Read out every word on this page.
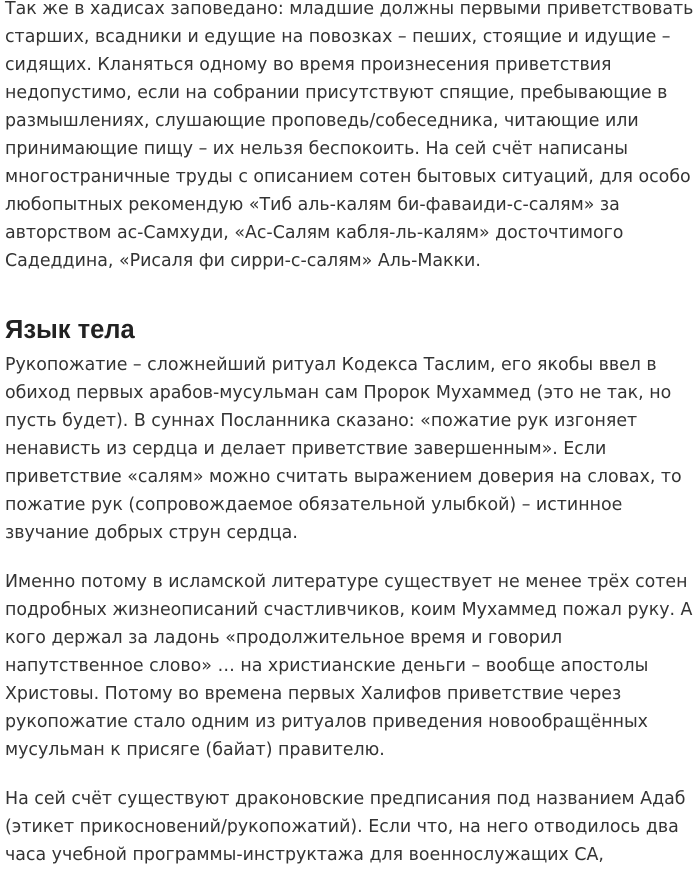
Так же в хадисах заповедано: младшие должны первыми приветствовать
старших, всадники и едущие на повозках – пеших, стоящие и идущие –
сидящих. Кланяться одному во время произнесения приветствия
недопустимо, если на собрании присутствуют спящие, пребывающие в
размышлениях, слушающие проповедь/собеседника, читающие или
принимающие пищу – их нельзя беспокоить. На сей счёт написаны
многостраничные труды с описанием сотен бытовых ситуаций, для особо
любопытных рекомендую «Тиб аль-калям би-фаваиди-с-салям» за
авторством ас-Самхуди, «Ас-Салям кабля-ль-калям» досточтимого
Садеддина, «Рисаля фи сирри-с-салям» Аль-Макки.

Язык тела

Рукопожатие – сложнейший ритуал Кодекса Таслим, его якобы ввел в
обиход первых арабов-мусульман сам Пророк Мухаммед (это не так, но
пусть будет). В суннах Посланника сказано: «пожатие рук изгоняет
ненависть из сердца и делает приветствие завершенным». Если
приветствие «салям» можно считать выражением доверия на словах, то
пожатие рук (сопровождаемое обязательной улыбкой) – истинное
звучание добрых струн сердца.

Именно потому в исламской литературе существует не менее трёх сотен
подробных жизнеописаний счастливчиков, коим Мухаммед пожал руку. А
кого держал за ладонь «продолжительное время и говорил
напутственное слово» … на христианские деньги – вообще апостолы
Христовы. Потому во времена первых Халифов приветствие через
рукопожатие стало одним из ритуалов приведения новообращённых
мусульман к присяге (байат) правителю.

На сей счёт существуют драконовские предписания под названием Адаб
(этикет прикосновений/рукопожатий). Если что, на него отводилось два
часа учебной программы-инструктажа для военнослужащих СА,
